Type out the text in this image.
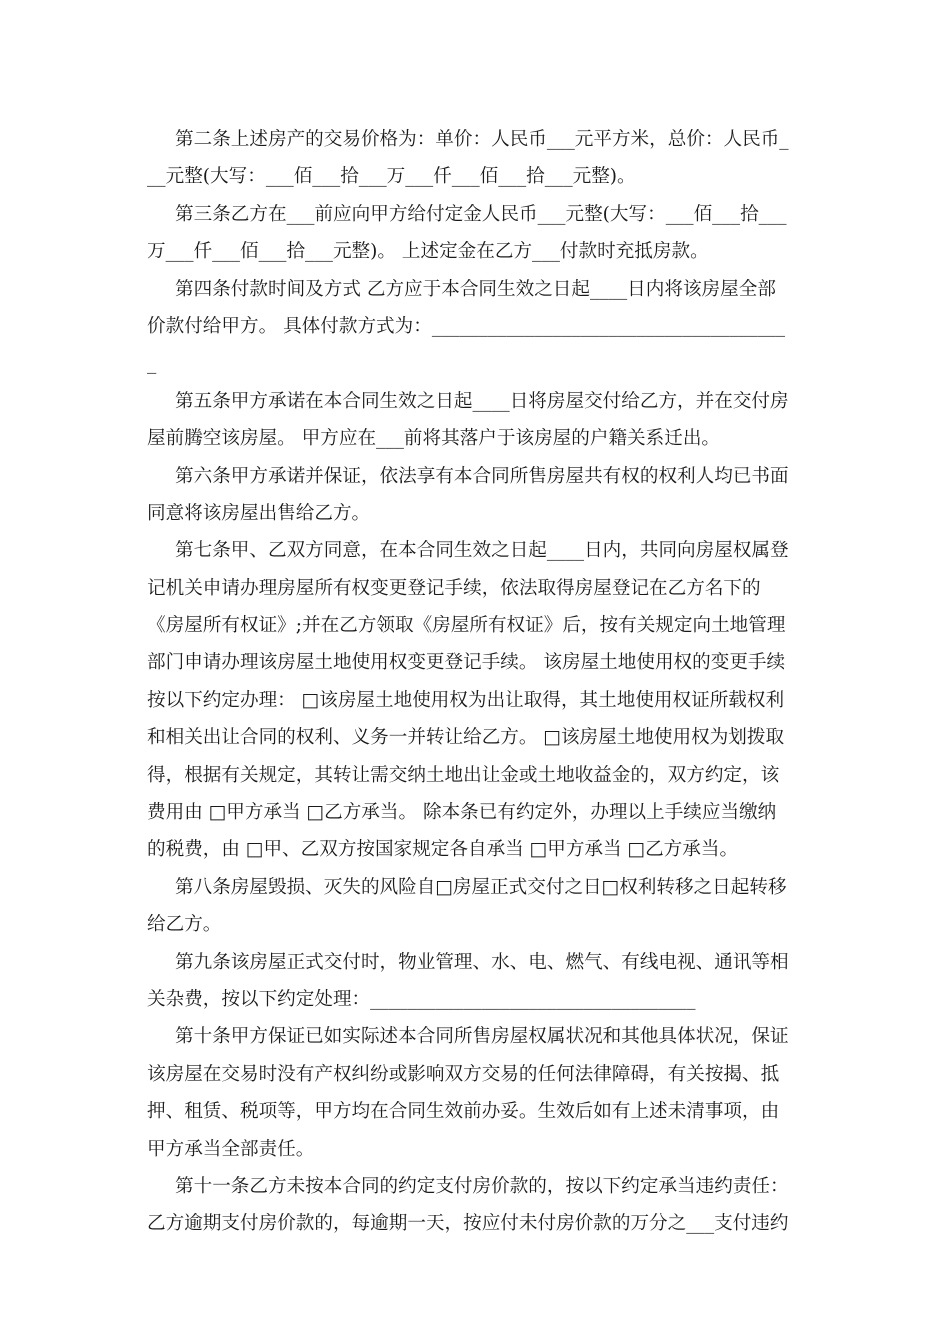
第二条上述房产的交易价格为：单价：人民币___元平方米，总价：人民币_
__元整(大写：___佰___拾___万___仟___佰___拾___元整)。
第三条乙方在___前应向甲方给付定金人民币___元整(大写：___佰___拾___
万___仟___佰___拾___元整)。 上述定金在乙方___付款时充抵房款。
第四条付款时间及方式 乙方应于本合同生效之日起____日内将该房屋全部
价款付给甲方。 具体付款方式为：______________________________________
_
第五条甲方承诺在本合同生效之日起____日将房屋交付给乙方，并在交付房
屋前腾空该房屋。 甲方应在___前将其落户于该房屋的户籍关系迁出。
第六条甲方承诺并保证，依法享有本合同所售房屋共有权的权利人均已书面
同意将该房屋出售给乙方。
第七条甲、乙双方同意，在本合同生效之日起____日内，共同向房屋权属登
记机关申请办理房屋所有权变更登记手续，依法取得房屋登记在乙方名下的
《房屋所有权证》;并在乙方领取《房屋所有权证》后，按有关规定向土地管理
部门申请办理该房屋土地使用权变更登记手续。 该房屋土地使用权的变更手续
按以下约定办理： □该房屋土地使用权为出让取得，其土地使用权证所载权利
和相关出让合同的权利、义务一并转让给乙方。 □该房屋土地使用权为划拨取
得，根据有关规定，其转让需交纳土地出让金或土地收益金的，双方约定，该
费用由 □甲方承当 □乙方承当。 除本条已有约定外，办理以上手续应当缴纳
的税费，由 □甲、乙双方按国家规定各自承当 □甲方承当 □乙方承当。
第八条房屋毁损、灭失的风险自□房屋正式交付之日□权利转移之日起转移
给乙方。
第九条该房屋正式交付时，物业管理、水、电、燃气、有线电视、通讯等相
关杂费，按以下约定处理：___________________________________
第十条甲方保证已如实际述本合同所售房屋权属状况和其他具体状况，保证
该房屋在交易时没有产权纠纷或影响双方交易的任何法律障碍，有关按揭、抵
押、租赁、税项等，甲方均在合同生效前办妥。生效后如有上述未清事项，由
甲方承当全部责任。
第十一条乙方未按本合同的约定支付房价款的，按以下约定承当违约责任：
乙方逾期支付房价款的，每逾期一天，按应付未付房价款的万分之___支付违约
